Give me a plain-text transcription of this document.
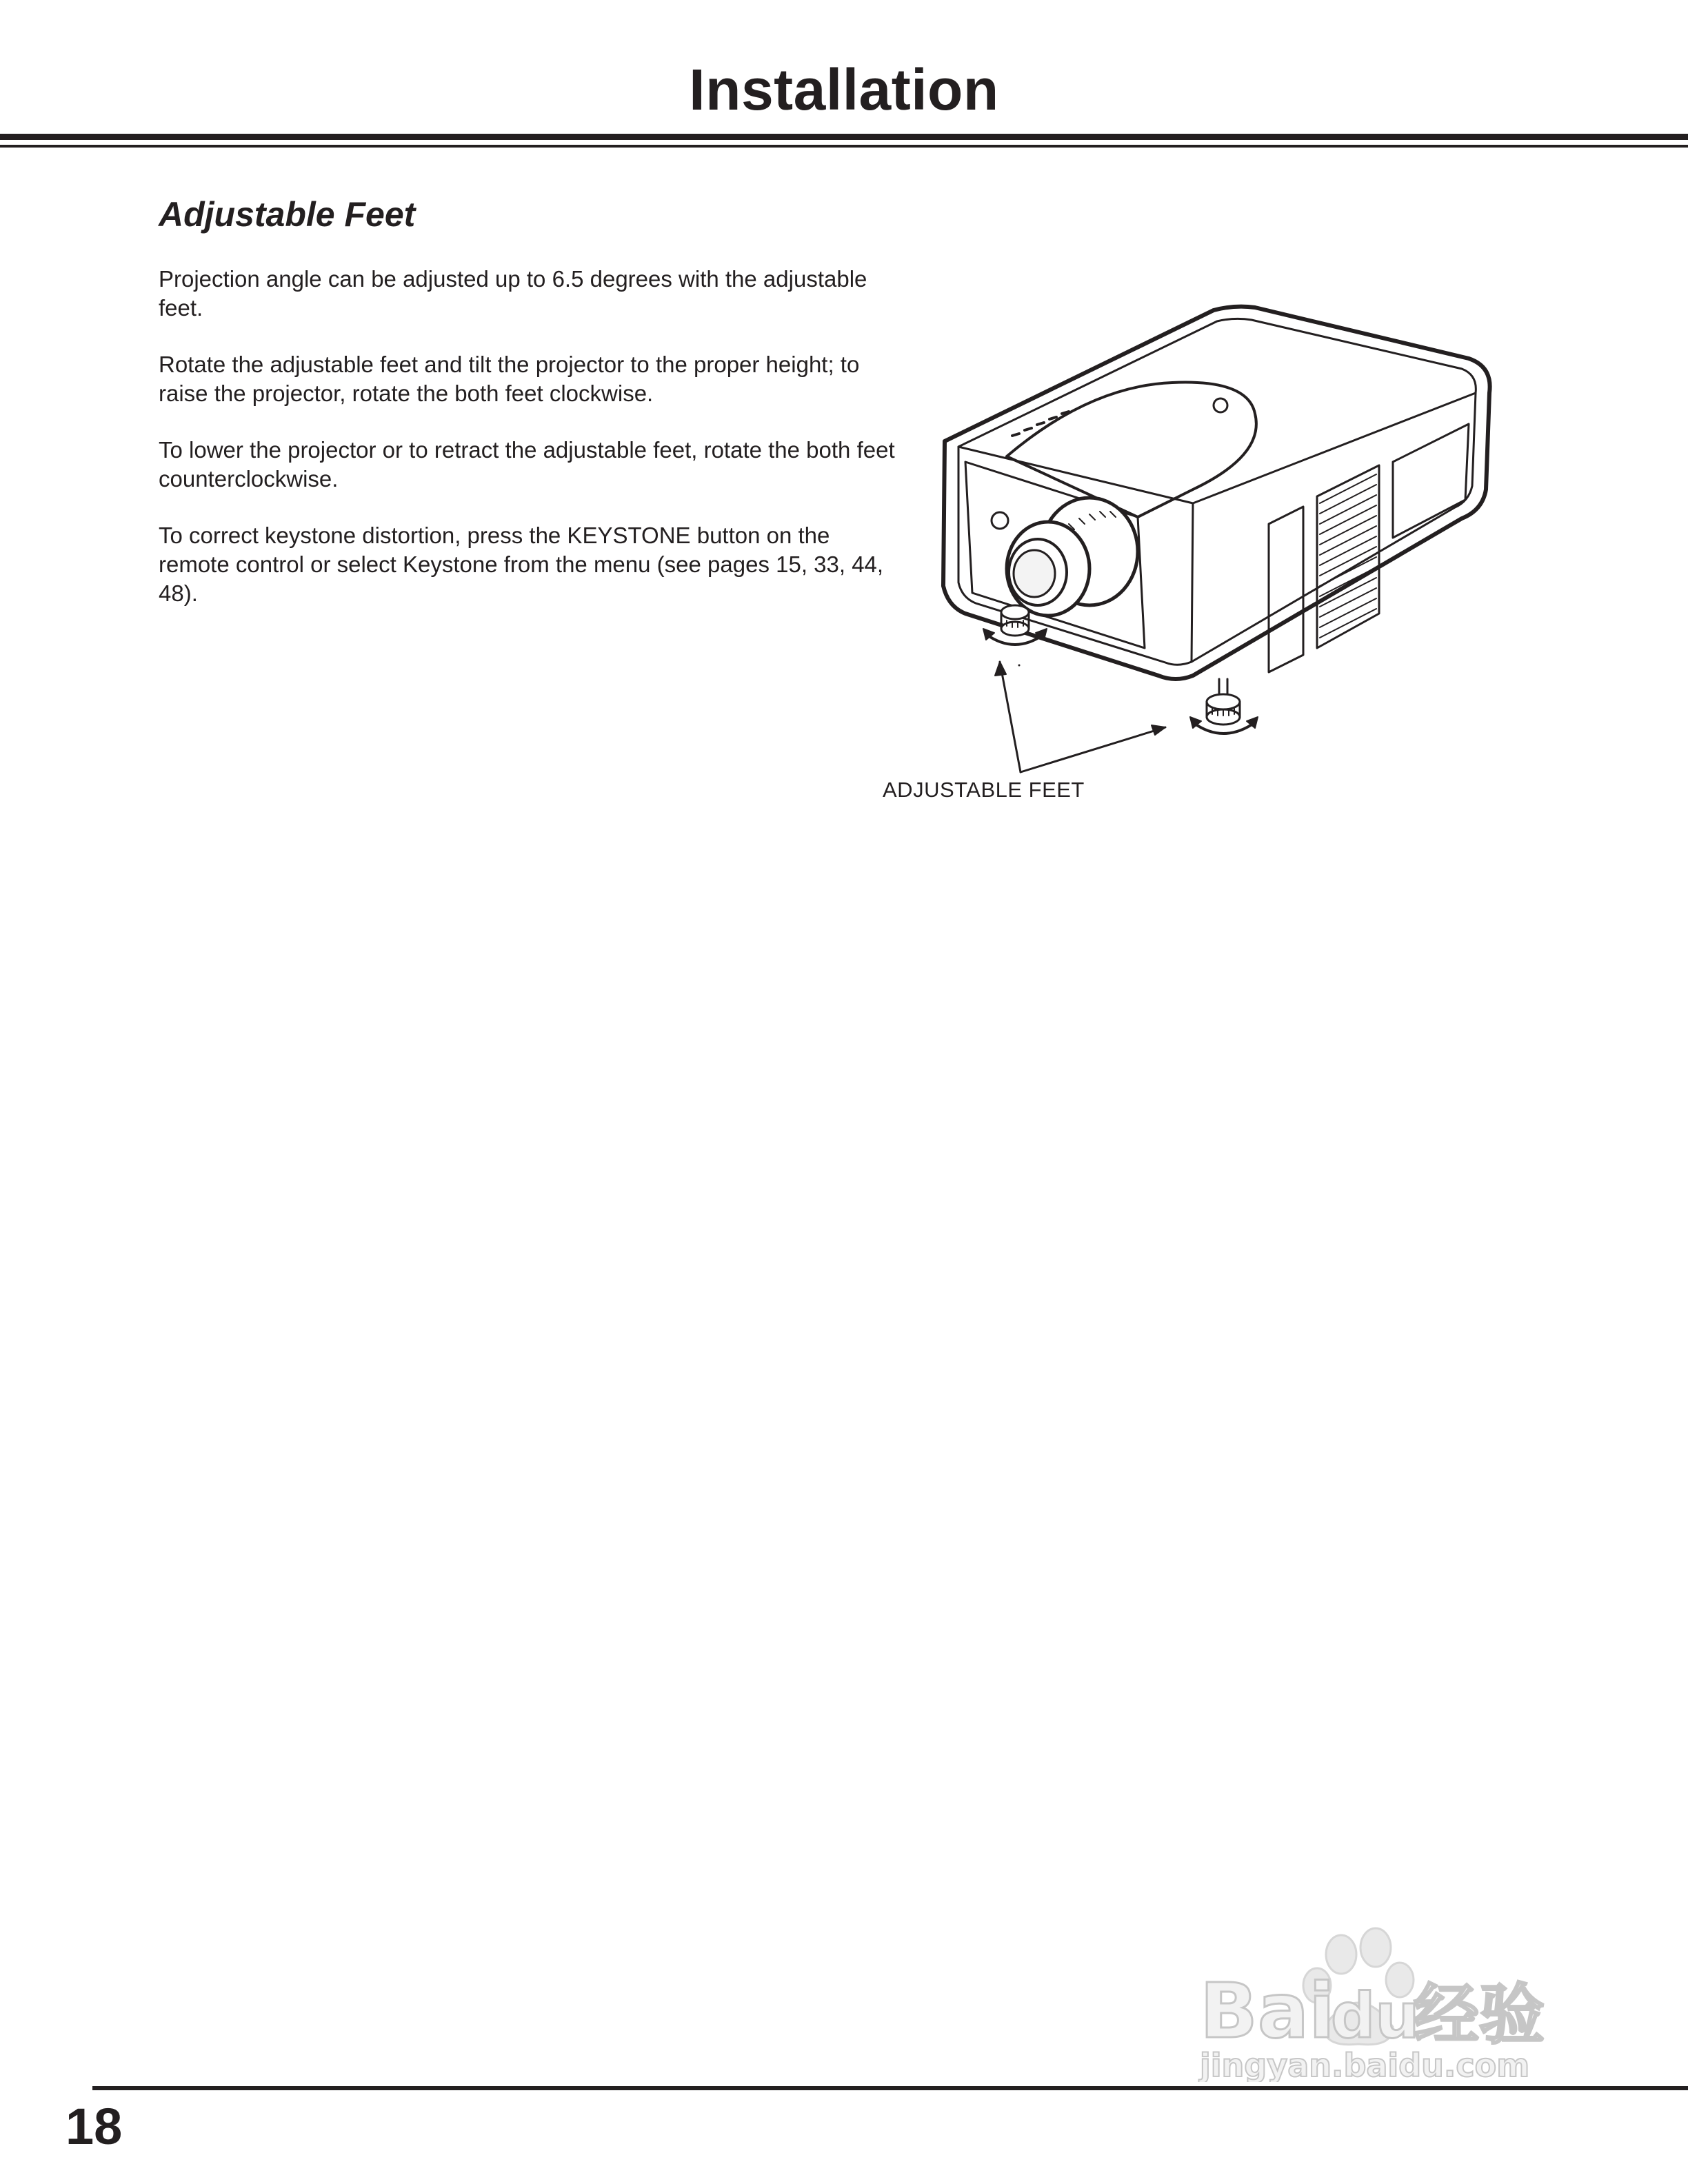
Installation
Adjustable Feet

Projection angle can be adjusted up to 6.5 degrees with the adjustable feet.

Rotate the adjustable feet and tilt the projector to the proper height; to raise the projector, rotate the both feet clockwise.

To lower the projector or to retract the adjustable feet, rotate the both feet counterclockwise.

To correct keystone distortion, press the KEYSTONE button on the remote control or select Keystone from the menu (see pages 15, 33, 44, 48).

ADJUSTABLE FEET
18
Bai
du
经验
jingyan.baidu.com
